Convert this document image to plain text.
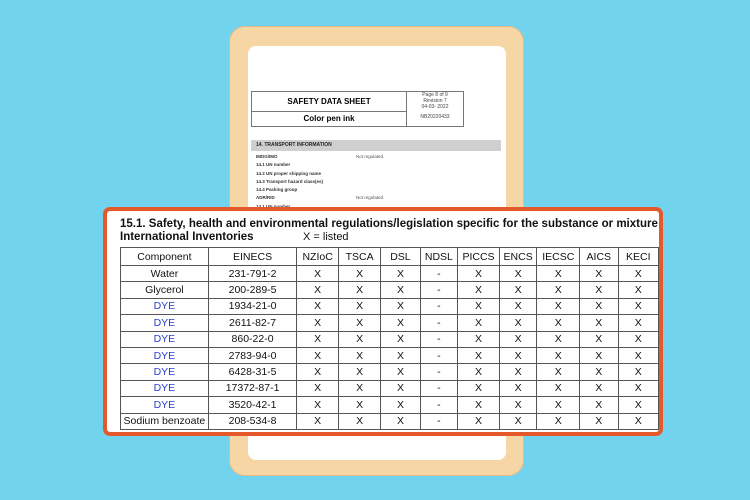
SAFETY DATA SHEET
Color pen ink
Page 8 of 9
Revision 7
04-03- 2022
NB20220433
14. TRANSPORT INFORMATION
IMDG/IMO	Not regulated.
14.1 UN number
14.2 UN proper shipping name
14.3 Transport hazard class(es)
14.4 Packing group
ADR/RID	Not regulated.
15.1. Safety, health and environmental regulations/legislation specific for the substance or mixture
International Inventories	X = listed
Component	EINECS	NZIoC	TSCA	DSL	NDSL	PICCS	ENCS	IECSC	AICS	KECI
Water	231-791-2	X	X	X	-	X	X	X	X	X
Glycerol	200-289-5	X	X	X	-	X	X	X	X	X
DYE	1934-21-0	X	X	X	-	X	X	X	X	X
DYE	2611-82-7	X	X	X	-	X	X	X	X	X
DYE	860-22-0	X	X	X	-	X	X	X	X	X
DYE	2783-94-0	X	X	X	-	X	X	X	X	X
DYE	6428-31-5	X	X	X	-	X	X	X	X	X
DYE	17372-87-1	X	X	X	-	X	X	X	X	X
DYE	3520-42-1	X	X	X	-	X	X	X	X	X
Sodium benzoate	208-534-8	X	X	X	-	X	X	X	X	X
